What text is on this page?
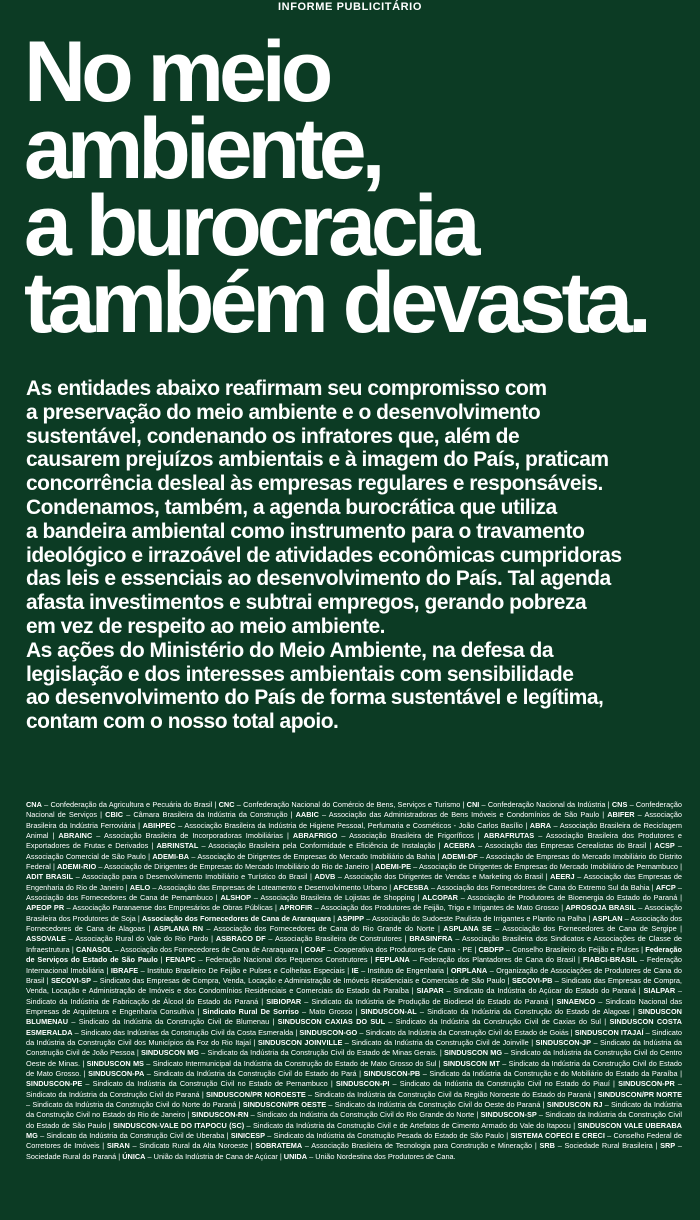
INFORME PUBLICITÁRIO
No meio
ambiente,
a burocracia
também devasta.

As entidades abaixo reafirmam seu compromisso com
a preservação do meio ambiente e o desenvolvimento
sustentável, condenando os infratores que, além de
causarem prejuízos ambientais e à imagem do País, praticam
concorrência desleal às empresas regulares e responsáveis.
Condenamos, também, a agenda burocrática que utiliza
a bandeira ambiental como instrumento para o travamento
ideológico e irrazoável de atividades econômicas cumpridoras
das leis e essenciais ao desenvolvimento do País. Tal agenda
afasta investimentos e subtrai empregos, gerando pobreza
em vez de respeito ao meio ambiente.
As ações do Ministério do Meio Ambiente, na defesa da
legislação e dos interesses ambientais com sensibilidade
ao desenvolvimento do País de forma sustentável e legítima,
contam com o nosso total apoio.

CNA – Confederação da Agricultura e Pecuária do Brasil | CNC – Confederação Nacional do Comércio de Bens, Serviços e Turismo | CNI – Confederação Nacional da Indústria | CNS – Confederação Nacional de Serviços | CBIC – Câmara Brasileira da Indústria da Construção | AABIC – Associação das Administradoras de Bens Imóveis e Condomínios de São Paulo | ABIFER – Associação Brasileira da Indústria Ferroviária | ABIHPEC – Associação Brasileira da Indústria de Higiene Pessoal, Perfumaria e Cosméticos - João Carlos Basílio | ABRA – Associação Brasileira de Reciclagem Animal | ABRAINC – Associação Brasileira de Incorporadoras Imobiliárias | ABRAFRIGO – Associação Brasileira de Frigoríficos | ABRAFRUTAS – Associação Brasileira dos Produtores e Exportadores de Frutas e Derivados | ABRINSTAL – Associação Brasileira pela Conformidade e Eficiência de Instalação | ACEBRA – Associação das Empresas Cerealistas do Brasil | ACSP – Associação Comercial de São Paulo | ADEMI-BA – Associação de Dirigentes de Empresas do Mercado Imobiliário da Bahia | ADEMI-DF – Associação de Empresas do Mercado Imobiliário do Distrito Federal | ADEMI-RIO – Associação de Dirigentes de Empresas do Mercado Imobiliário do Rio de Janeiro | ADEMI-PE – Associação de Dirigentes de Empresas do Mercado Imobiliário de Pernambuco | ADIT BRASIL – Associação para o Desenvolvimento Imobiliário e Turístico do Brasil | ADVB – Associação dos Dirigentes de Vendas e Marketing do Brasil | AEERJ – Associação das Empresas de Engenharia do Rio de Janeiro | AELO – Associação das Empresas de Loteamento e Desenvolvimento Urbano | AFCESBA – Associação dos Fornecedores de Cana do Extremo Sul da Bahia | AFCP – Associação dos Fornecedores de Cana de Pernambuco | ALSHOP – Associação Brasileira de Lojistas de Shopping | ALCOPAR – Associação de Produtores de Bioenergia do Estado do Paraná | APEOP PR – Associação Paranaense dos Empresários de Obras Públicas | APROFIR – Associação dos Produtores de Feijão, Trigo e Irrigantes de Mato Grosso | APROSOJA BRASIL – Associação Brasileira dos Produtores de Soja | Associação dos Fornecedores de Cana de Araraquara | ASPIPP – Associação do Sudoeste Paulista de Irrigantes e Plantio na Palha | ASPLAN – Associação dos Fornecedores de Cana de Alagoas | ASPLANA RN – Associação dos Fornecedores de Cana do Rio Grande do Norte | ASPLANA SE – Associação dos Fornecedores de Cana de Sergipe | ASSOVALE – Associação Rural do Vale do Rio Pardo | ASBRACO DF – Associação Brasileira de Construtores | BRASINFRA – Associação Brasileira dos Sindicatos e Associações de Classe de Infraestrutura | CANASOL – Associação dos Fornecedores de Cana de Araraquara | COAF – Cooperativa dos Produtores de Cana - PE | CBDFP – Conselho Brasileiro do Feijão e Pulses | Federação de Serviços do Estado de São Paulo | FENAPC – Federação Nacional dos Pequenos Construtores | FEPLANA – Federação dos Plantadores de Cana do Brasil | FIABCI-BRASIL – Federação Internacional Imobiliária | IBRAFE – Instituto Brasileiro De Feijão e Pulses e Colheitas Especiais | IE – Instituto de Engenharia | ORPLANA – Organização de Associações de Produtores de Cana do Brasil | SECOVI-SP – Sindicato das Empresas de Compra, Venda, Locação e Administração de Imóveis Residenciais e Comerciais de São Paulo | SECOVI-PB – Sindicato das Empresas de Compra, Venda, Locação e Administração de Imóveis e dos Condomínios Residenciais e Comerciais do Estado da Paraíba | SIAPAR – Sindicato da Indústria do Açúcar do Estado do Paraná | SIALPAR – Sindicato da Indústria de Fabricação de Álcool do Estado do Paraná | SIBIOPAR – Sindicato da Indústria de Produção de Biodiesel do Estado do Paraná | SINAENCO – Sindicato Nacional das Empresas de Arquitetura e Engenharia Consultiva | Sindicato Rural De Sorriso – Mato Grosso | SINDUSCON-AL – Sindicato da Indústria da Construção do Estado de Alagoas | SINDUSCON BLUMENAU – Sindicato da Indústria da Construção Civil de Blumenau | SINDUSCON CAXIAS DO SUL – Sindicato da Indústria da Construção Civil de Caxias do Sul | SINDUSCON COSTA ESMERALDA – Sindicato das Indústrias da Construção Civil da Costa Esmeralda | SINDUSCON-GO – Sindicato da Indústria da Construção Civil do Estado de Goiás | SINDUSCON ITAJAÍ – Sindicato da Indústria da Construção Civil dos Municípios da Foz do Rio Itajaí | SINDUSCON JOINVILLE – Sindicato da Indústria da Construção Civil de Joinville | SINDUSCON-JP – Sindicato da Indústria da Construção Civil de João Pessoa | SINDUSCON MG – Sindicato da Indústria da Construção Civil do Estado de Minas Gerais. | SINDUSCON MG – Sindicato da Indústria da Construção Civil do Centro Oeste de Minas. | SINDUSCON MS – Sindicato Intermunicipal da Indústria da Construção do Estado de Mato Grosso do Sul | SINDUSCON MT – Sindicato da Indústria da Construção Civil do Estado de Mato Grosso. | SINDUSCON-PA – Sindicato da Indústria da Construção Civil do Estado do Pará | SINDUSCON-PB – Sindicato da Indústria da Construção e do Mobiliário do Estado da Paraíba | SINDUSCON-PE – Sindicato da Indústria da Construção Civil no Estado de Pernambuco | SINDUSCON-PI – Sindicato da Indústria da Construção Civil no Estado do Piauí | SINDUSCON-PR – Sindicato da Indústria da Construção Civil do Paraná | SINDUSCON/PR NOROESTE – Sindicato da Indústria da Construção Civil da Região Noroeste do Estado do Paraná | SINDUSCON/PR NORTE – Sindicato da Indústria da Construção Civil do Norte do Paraná | SINDUSCON/PR OESTE – Sindicato da Indústria da Construção Civil do Oeste do Paraná | SINDUSCON RJ – Sindicato da Indústria da Construção Civil no Estado do Rio de Janeiro | SINDUSCON-RN – Sindicato da Indústria da Construção Civil do Rio Grande do Norte | SINDUSCON-SP – Sindicato da Indústria da Construção Civil do Estado de São Paulo | SINDUSCON-VALE DO ITAPOCU (SC) – Sindicato da Indústria da Construção Civil e de Artefatos de Cimento Armado do Vale do Itapocu | SINDUSCON VALE UBERABA MG – Sindicato da Indústria da Construção Civil de Uberaba | SINICESP – Sindicato da Indústria da Construção Pesada do Estado de São Paulo | SISTEMA COFECI E CRECI – Conselho Federal de Corretores de Imóveis | SIRAN – Sindicato Rural da Alta Noroeste | SOBRATEMA – Associação Brasileira de Tecnologia para Construção e Mineração | SRB – Sociedade Rural Brasileira | SRP – Sociedade Rural do Paraná | ÚNICA – União da Indústria de Cana de Açúcar | UNIDA – União Nordestina dos Produtores de Cana.
